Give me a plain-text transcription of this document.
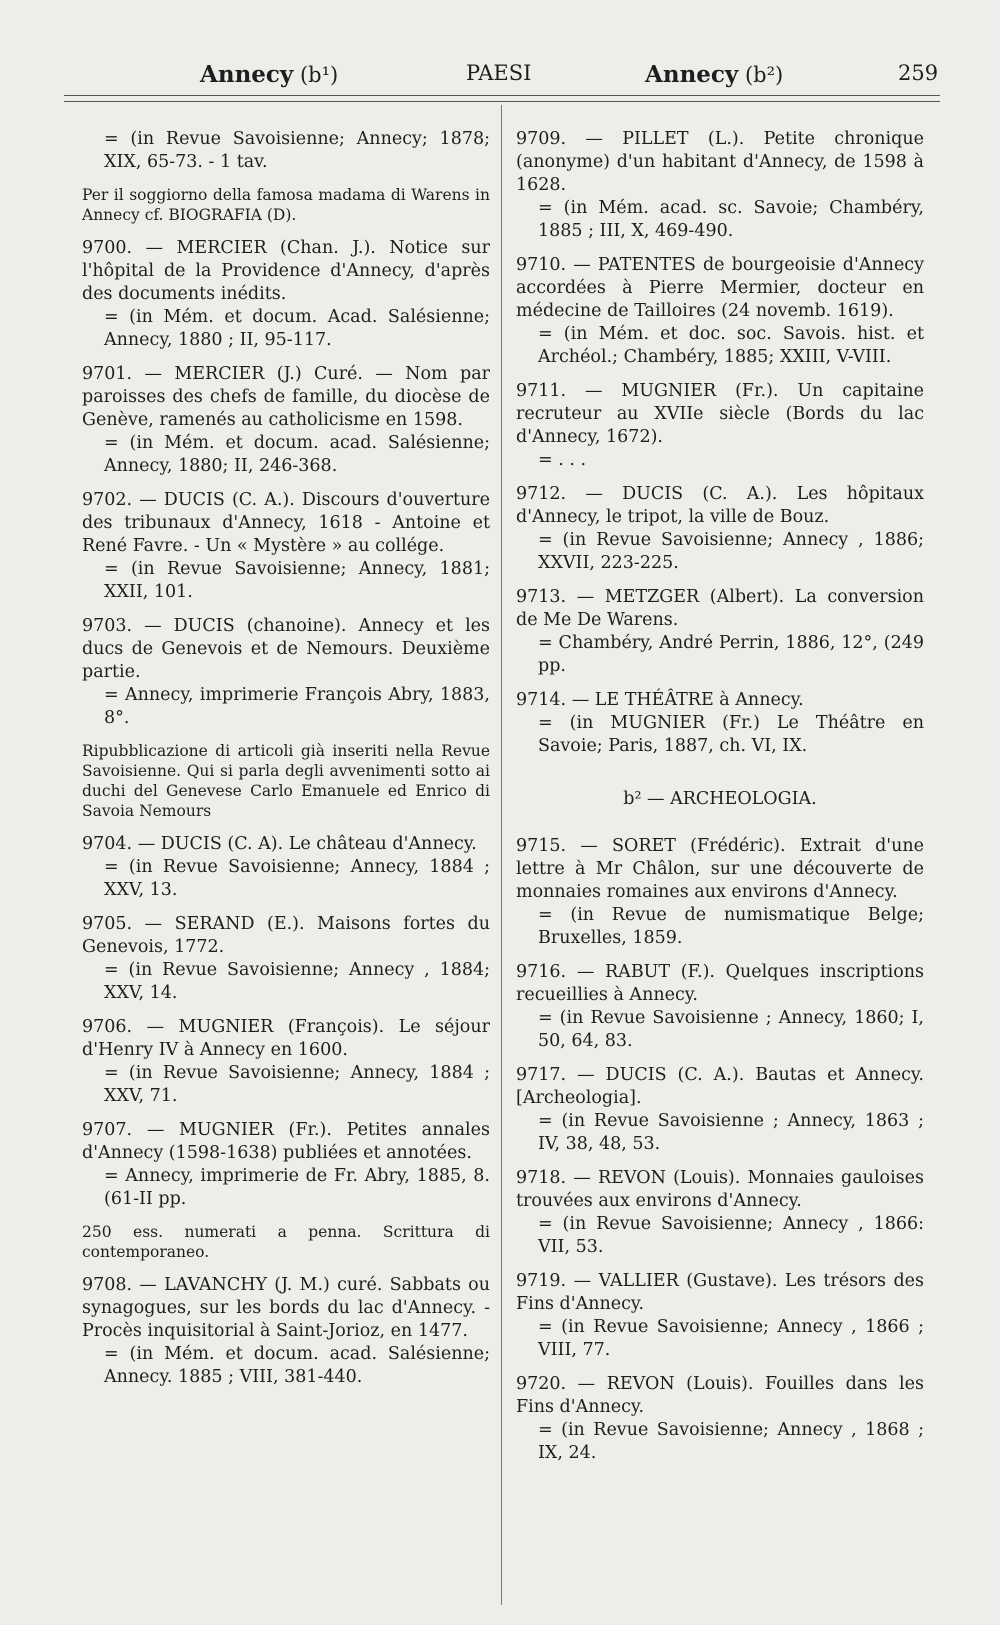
Annecy (b¹)	PAESI	Annecy (b²)	259

= (in Revue Savoisienne; Annecy; 1878; XIX, 65-73. - 1 tav.

Per il soggiorno della famosa madama di Warens in Annecy cf. BIOGRAFIA (D).

9700. — MERCIER (Chan. J.). Notice sur l'hôpital de la Providence d'Annecy, d'après des documents inédits.

= (in Mém. et docum. Acad. Salésienne; Annecy, 1880 ; II, 95-117.

9701. — MERCIER (J.) Curé. — Nom par paroisses des chefs de famille, du diocèse de Genève, ramenés au catholicisme en 1598.

= (in Mém. et docum. acad. Salésienne; Annecy, 1880; II, 246-368.

9702. — DUCIS (C. A.). Discours d'ouverture des tribunaux d'Annecy, 1618 - Antoine et René Favre. - Un « Mystère » au collége.

= (in Revue Savoisienne; Annecy, 1881; XXII, 101.

9703. — DUCIS (chanoine). Annecy et les ducs de Genevois et de Nemours. Deuxième partie.

= Annecy, imprimerie François Abry, 1883, 8°.

Ripubblicazione di articoli già inseriti nella Revue Savoisienne. Qui si parla degli avvenimenti sotto ai duchi del Genevese Carlo Emanuele ed Enrico di Savoia Nemours

9704. — DUCIS (C. A). Le château d'Annecy.

= (in Revue Savoisienne; Annecy, 1884 ; XXV, 13.

9705. — SERAND (E.). Maisons fortes du Genevois, 1772.

= (in Revue Savoisienne; Annecy , 1884; XXV, 14.

9706. — MUGNIER (François). Le séjour d'Henry IV à Annecy en 1600.

= (in Revue Savoisienne; Annecy, 1884 ; XXV, 71.

9707. — MUGNIER (Fr.). Petites annales d'Annecy (1598-1638) publiées et annotées.

= Annecy, imprimerie de Fr. Abry, 1885, 8. (61-II pp.

250 ess. numerati a penna. Scrittura di contemporaneo.

9708. — LAVANCHY (J. M.) curé. Sabbats ou synagogues, sur les bords du lac d'Annecy. - Procès inquisitorial à Saint-Jorioz, en 1477.

= (in Mém. et docum. acad. Salésienne; Annecy. 1885 ; VIII, 381-440.

9709. — PILLET (L.). Petite chronique (anonyme) d'un habitant d'Annecy, de 1598 à 1628.

= (in Mém. acad. sc. Savoie; Chambéry, 1885 ; III, X, 469-490.

9710. — PATENTES de bourgeoisie d'Annecy accordées à Pierre Mermier, docteur en médecine de Tailloires (24 novemb. 1619).

= (in Mém. et doc. soc. Savois. hist. et Archéol.; Chambéry, 1885; XXIII, V-VIII.

9711. — MUGNIER (Fr.). Un capitaine recruteur au XVIIe siècle (Bords du lac d'Annecy, 1672).

= . . .

9712. — DUCIS (C. A.). Les hôpitaux d'Annecy, le tripot, la ville de Bouz.

= (in Revue Savoisienne; Annecy , 1886; XXVII, 223-225.

9713. — METZGER (Albert). La conversion de Me De Warens.

= Chambéry, André Perrin, 1886, 12°, (249 pp.

9714. — LE THÉÂTRE à Annecy.

= (in MUGNIER (Fr.) Le Théâtre en Savoie; Paris, 1887, ch. VI, IX.

b² — ARCHEOLOGIA.

9715. — SORET (Frédéric). Extrait d'une lettre à Mr Châlon, sur une découverte de monnaies romaines aux environs d'Annecy.

= (in Revue de numismatique Belge; Bruxelles, 1859.

9716. — RABUT (F.). Quelques inscriptions recueillies à Annecy.

= (in Revue Savoisienne ; Annecy, 1860; I, 50, 64, 83.

9717. — DUCIS (C. A.). Bautas et Annecy. [Archeologia].

= (in Revue Savoisienne ; Annecy, 1863 ; IV, 38, 48, 53.

9718. — REVON (Louis). Monnaies gauloises trouvées aux environs d'Annecy.

= (in Revue Savoisienne; Annecy , 1866: VII, 53.

9719. — VALLIER (Gustave). Les trésors des Fins d'Annecy.

= (in Revue Savoisienne; Annecy , 1866 ; VIII, 77.

9720. — REVON (Louis). Fouilles dans les Fins d'Annecy.

= (in Revue Savoisienne; Annecy , 1868 ; IX, 24.
